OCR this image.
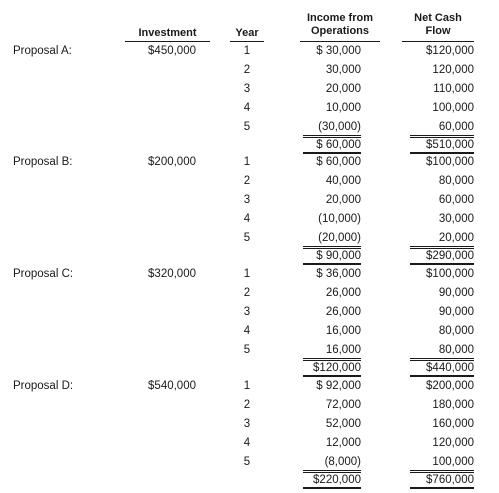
Investment	Year
Income from
Operations
Net Cash
Flow
Proposal A:	$450,000	1	$ 30,000	$120,000
2	30,000	120,000
3	20,000	110,000
4	10,000	100,000
5	(30,000)	60,000
$ 60,000	$510,000
Proposal B:	$200,000	1	$ 60,000	$100,000
2	40,000	80,000
3	20,000	60,000
4	(10,000)	30,000
5	(20,000)	20,000
$ 90,000	$290,000
Proposal C:	$320,000	1	$ 36,000	$100,000
2	26,000	90,000
3	26,000	90,000
4	16,000	80,000
5	16,000	80,000
$120,000	$440,000
Proposal D:	$540,000	1	$ 92,000	$200,000
2	72,000	180,000
3	52,000	160,000
4	12,000	120,000
5	(8,000)	100,000
$220,000	$760,000
